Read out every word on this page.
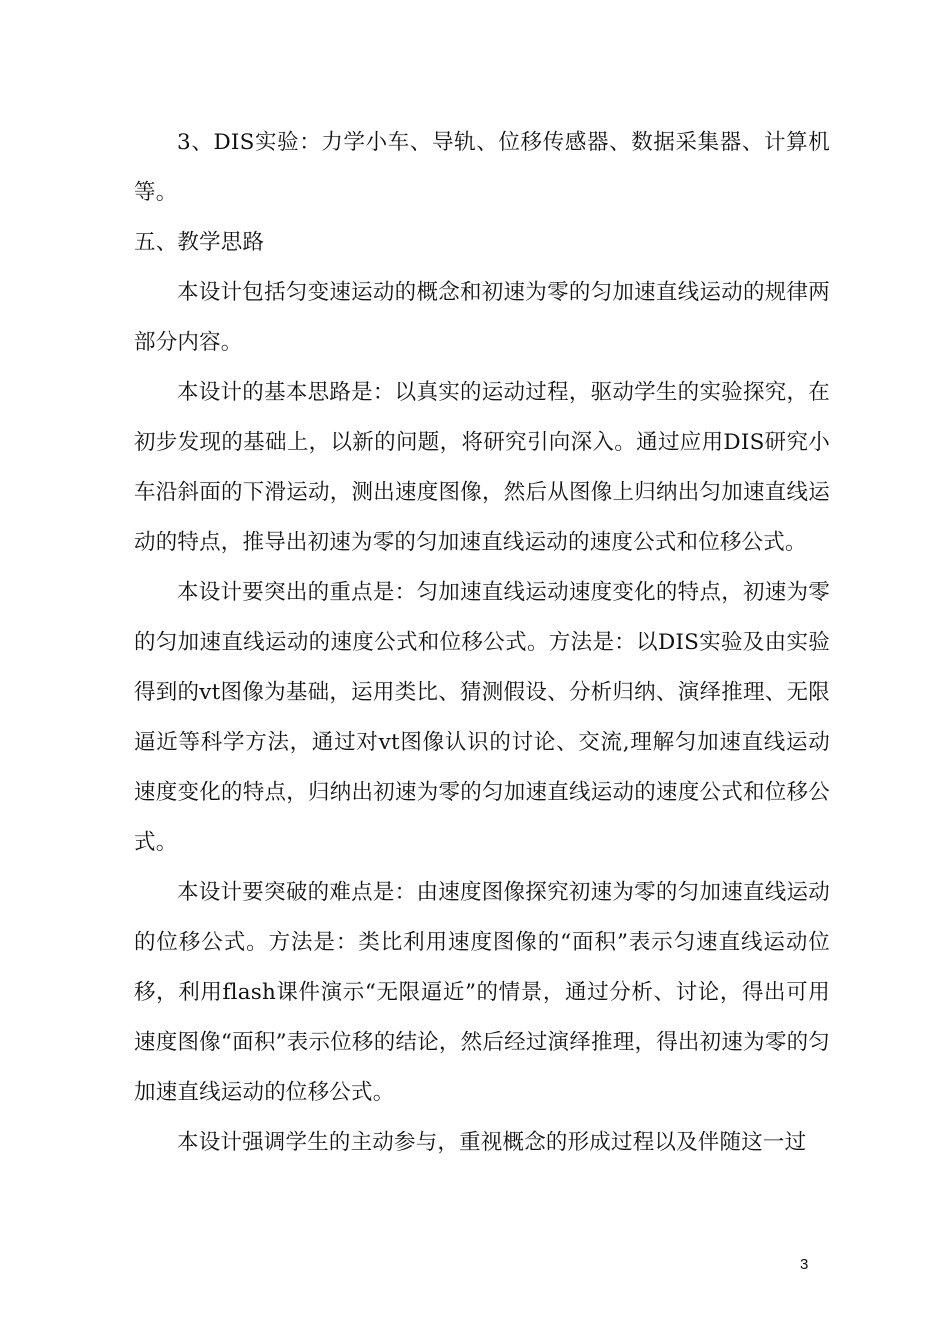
3、DIS实验：力学小车、导轨、位移传感器、数据采集器、计算机等。

五、教学思路

本设计包括匀变速运动的概念和初速为零的匀加速直线运动的规律两部分内容。

本设计的基本思路是：以真实的运动过程，驱动学生的实验探究，在初步发现的基础上，以新的问题，将研究引向深入。通过应用DIS研究小车沿斜面的下滑运动，测出速度图像，然后从图像上归纳出匀加速直线运动的特点，推导出初速为零的匀加速直线运动的速度公式和位移公式。

本设计要突出的重点是：匀加速直线运动速度变化的特点，初速为零的匀加速直线运动的速度公式和位移公式。方法是：以DIS实验及由实验得到的vt图像为基础，运用类比、猜测假设、分析归纳、演绎推理、无限逼近等科学方法，通过对vt图像认识的讨论、交流,理解匀加速直线运动速度变化的特点，归纳出初速为零的匀加速直线运动的速度公式和位移公式。

本设计要突破的难点是：由速度图像探究初速为零的匀加速直线运动的位移公式。方法是：类比利用速度图像的“面积”表示匀速直线运动位移，利用flash课件演示“无限逼近”的情景，通过分析、讨论，得出可用速度图像“面积”表示位移的结论，然后经过演绎推理，得出初速为零的匀加速直线运动的位移公式。

本设计强调学生的主动参与，重视概念的形成过程以及伴随这一过

3
